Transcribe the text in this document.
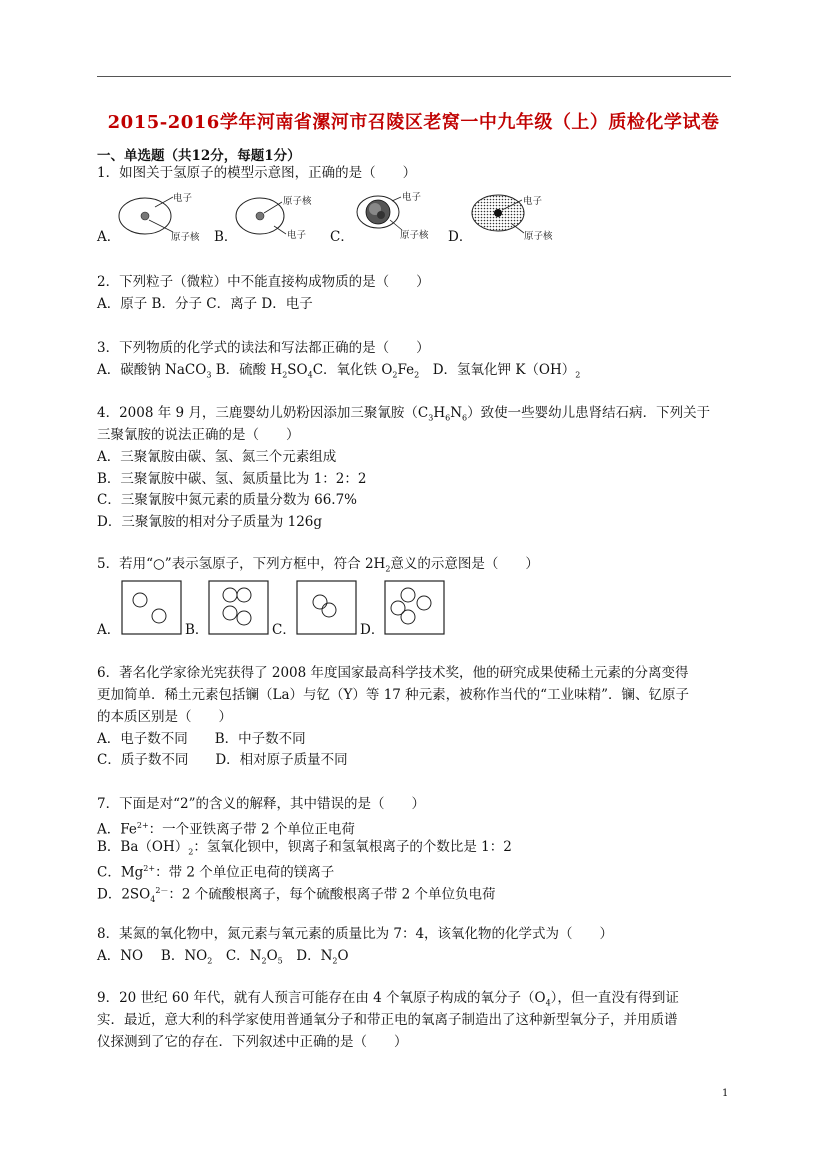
2015-2016学年河南省漯河市召陵区老窝一中九年级（上）质检化学试卷
一、单选题（共12分，每题1分）
1．如图关于氢原子的模型示意图，正确的是（　　）
A．
电子
原子核 B．
原子核
电子 C．
电子
原子核 D．
电子
原子核
2．下列粒子（微粒）中不能直接构成物质的是（　　）
A．原子 B．分子 C．离子 D．电子
3．下列物质的化学式的读法和写法都正确的是（　　）
A．碳酸钠 NaCO$_3$ B．硫酸 $H_2SO_4C$．氧化铁 $O_2Fe_2$　D．氢氧化钾 $K(OH)_2$
4．2008 年 9 月，三鹿婴幼儿奶粉因添加三聚氰胺$(C_3H_6N_6)$致使一些婴幼儿患肾结石病．下列关于
三聚氰胺的说法正确的是（　　）
A．三聚氰胺由碳、氢、氮三个元素组成
B．三聚氰胺中碳、氢、氮质量比为 1：2：2
C．三聚氰胺中氮元素的质量分数为 66.7%
D．三聚氰胺的相对分子质量为 126g
5．若用“○”表示氢原子，下列方框中，符合 $2H_2$意义的示意图是（　　）
A．	B．	C．	D．
6．著名化学家徐光宪获得了 2008 年度国家最高科学技术奖，他的研究成果使稀土元素的分离变得
更加简单．稀土元素包括镧（La）与钇（Y）等 17 种元素，被称作当代的“工业味精”．镧、钇原子
的本质区别是（　　）
A．电子数不同　　B．中子数不同
C．质子数不同　　D．相对原子质量不同
7．下面是对“2”的含义的解释，其中错误的是（　　）
A．$Fe^{2+}$：一个亚铁离子带 2 个单位正电荷
B．$Ba(OH)_2$：氢氧化钡中，钡离子和氢氧根离子的个数比是 1：2
C．$Mg^{2+}$：带 2 个单位正电荷的镁离子
D．$2SO_4^{2-}$：2 个硫酸根离子，每个硫酸根离子带 2 个单位负电荷
8．某氮的氧化物中，氮元素与氧元素的质量比为 7：4，该氧化物的化学式为（　　）
A．NO　 B．$NO_2$　C．$N_2O_5$　D．$N_2O$
9．20 世纪 60 年代，就有人预言可能存在由 4 个氧原子构成的氧分子$(O_4)$，但一直没有得到证
实．最近，意大利的科学家使用普通氧分子和带正电的氧离子制造出了这种新型氧分子，并用质谱
仪探测到了它的存在．下列叙述中正确的是（　　）
1
